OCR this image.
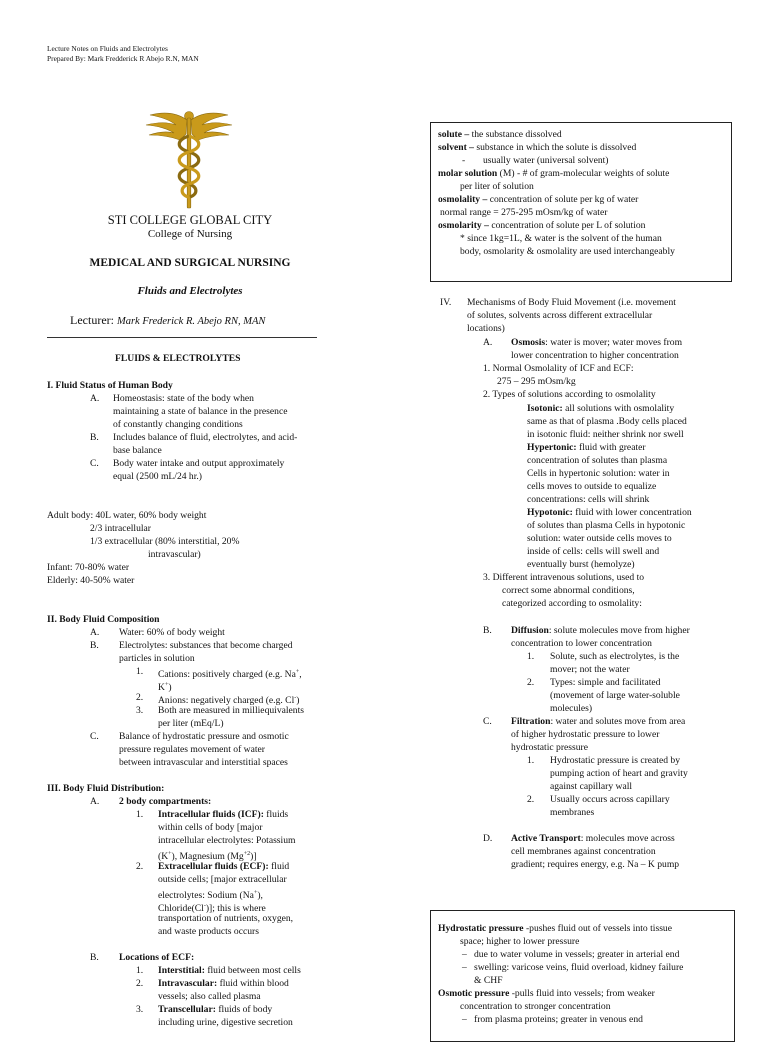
Lecture Notes on Fluids and Electrolytes
Prepared By: Mark Fredderick R Abejo R.N, MAN
STI COLLEGE GLOBAL CITY
College of Nursing
MEDICAL AND SURGICAL NURSING
Fluids and Electrolytes
Lecturer: Mark Frederick R. Abejo RN, MAN
FLUIDS & ELECTROLYTES
I. Fluid Status of Human Body
A. Homeostasis: state of the body when
maintaining a state of balance in the presence
of constantly changing conditions
B. Includes balance of fluid, electrolytes, and acid-
base balance
C. Body water intake and output approximately
equal (2500 mL/24 hr.)
Adult body: 40L water, 60% body weight
2/3 intracellular
1/3 extracellular (80% interstitial, 20%
intravascular)
Infant: 70-80% water
Elderly: 40-50% water
II. Body Fluid Composition
A. Water: 60% of body weight
B. Electrolytes: substances that become charged
particles in solution
1. Cations: positively charged (e.g. Na+,
K+)
2. Anions: negatively charged (e.g. Cl-)
3. Both are measured in milliequivalents
per liter (mEq/L)
C. Balance of hydrostatic pressure and osmotic
pressure regulates movement of water
between intravascular and interstitial spaces
III. Body Fluid Distribution:
A. 2 body compartments:
1. Intracellular fluids (ICF): fluids
within cells of body [major
intracellular electrolytes: Potassium
(K+), Magnesium $(Mg^{+2})$]
2. Extracellular fluids (ECF): fluid
outside cells; [major extracellular
electrolytes: Sodium (Na+),
Chloride(Cl-)]; this is where
transportation of nutrients, oxygen,
and waste products occurs
B. Locations of ECF:
1. Interstitial: fluid between most cells
2. Intravascular: fluid within blood
vessels; also called plasma
3. Transcellular: fluids of body
including urine, digestive secretion
solute – the substance dissolved
solvent – substance in which the solute is dissolved
- usually water (universal solvent)
molar solution (M) - # of gram-molecular weights of solute
per liter of solution
osmolality – concentration of solute per kg of water
normal range = 275-295 mOsm/kg of water
osmolarity – concentration of solute per L of solution
* since 1kg=1L, & water is the solvent of the human
body, osmolarity & osmolality are used interchangeably
IV. Mechanisms of Body Fluid Movement (i.e. movement
of solutes, solvents across different extracellular
locations)
A. Osmosis: water is mover; water moves from
lower concentration to higher concentration
1. Normal Osmolality of ICF and ECF:
275 – 295 mOsm/kg
2. Types of solutions according to osmolality
Isotonic: all solutions with osmolality
same as that of plasma .Body cells placed
in isotonic fluid: neither shrink nor swell
Hypertonic: fluid with greater
concentration of solutes than plasma
Cells in hypertonic solution: water in
cells moves to outside to equalize
concentrations: cells will shrink
Hypotonic: fluid with lower concentration
of solutes than plasma Cells in hypotonic
solution: water outside cells moves to
inside of cells: cells will swell and
eventually burst (hemolyze)
3. Different intravenous solutions, used to
correct some abnormal conditions,
categorized according to osmolality:
B. Diffusion: solute molecules move from higher
concentration to lower concentration
1. Solute, such as electrolytes, is the
mover; not the water
2. Types: simple and facilitated
(movement of large water-soluble
molecules)
C. Filtration: water and solutes move from area
of higher hydrostatic pressure to lower
hydrostatic pressure
1. Hydrostatic pressure is created by
pumping action of heart and gravity
against capillary wall
2. Usually occurs across capillary
membranes
D. Active Transport: molecules move across
cell membranes against concentration
gradient; requires energy, e.g. Na – K pump
Hydrostatic pressure -pushes fluid out of vessels into tissue
space; higher to lower pressure
– due to water volume in vessels; greater in arterial end
– swelling: varicose veins, fluid overload, kidney failure
& CHF
Osmotic pressure -pulls fluid into vessels; from weaker
concentration to stronger concentration
– from plasma proteins; greater in venous end
